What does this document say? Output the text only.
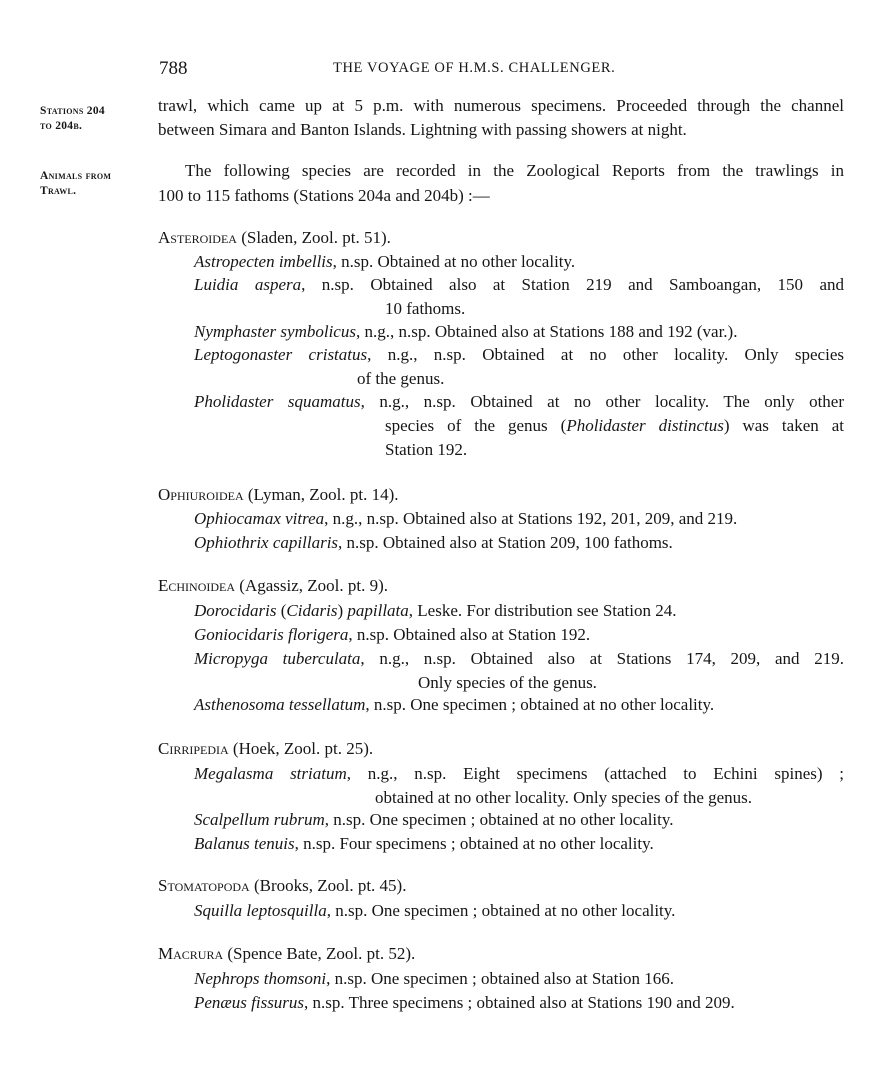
788	THE VOYAGE OF H.M.S. CHALLENGER.
Stations 204
to 204b.
Animals from
Trawl.
trawl, which came up at 5 p.m. with numerous specimens. Proceeded through the channel
between Simara and Banton Islands. Lightning with passing showers at night.
The following species are recorded in the Zoological Reports from the trawlings in
100 to 115 fathoms (Stations 204a and 204b) :—
Asteroidea (Sladen, Zool. pt. 51).
Astropecten imbellis, n.sp. Obtained at no other locality.
Luidia aspera, n.sp. Obtained also at Station 219 and Samboangan, 150 and
10 fathoms.
Nymphaster symbolicus, n.g., n.sp. Obtained also at Stations 188 and 192 (var.).
Leptogonaster cristatus, n.g., n.sp. Obtained at no other locality. Only species
of the genus.
Pholidaster squamatus, n.g., n.sp. Obtained at no other locality. The only other
species of the genus (Pholidaster distinctus) was taken at
Station 192.
Ophiuroidea (Lyman, Zool. pt. 14).
Ophiocamax vitrea, n.g., n.sp. Obtained also at Stations 192, 201, 209, and 219.
Ophiothrix capillaris, n.sp. Obtained also at Station 209, 100 fathoms.
Echinoidea (Agassiz, Zool. pt. 9).
Dorocidaris (Cidaris) papillata, Leske. For distribution see Station 24.
Goniocidaris florigera, n.sp. Obtained also at Station 192.
Micropyga tuberculata, n.g., n.sp. Obtained also at Stations 174, 209, and 219.
Only species of the genus.
Asthenosoma tessellatum, n.sp. One specimen ; obtained at no other locality.
Cirripedia (Hoek, Zool. pt. 25).
Megalasma striatum, n.g., n.sp. Eight specimens (attached to Echini spines) ;
obtained at no other locality. Only species of the genus.
Scalpellum rubrum, n.sp. One specimen ; obtained at no other locality.
Balanus tenuis, n.sp. Four specimens ; obtained at no other locality.
Stomatopoda (Brooks, Zool. pt. 45).
Squilla leptosquilla, n.sp. One specimen ; obtained at no other locality.
Macrura (Spence Bate, Zool. pt. 52).
Nephrops thomsoni, n.sp. One specimen ; obtained also at Station 166.
Penæus fissurus, n.sp. Three specimens ; obtained also at Stations 190 and 209.
